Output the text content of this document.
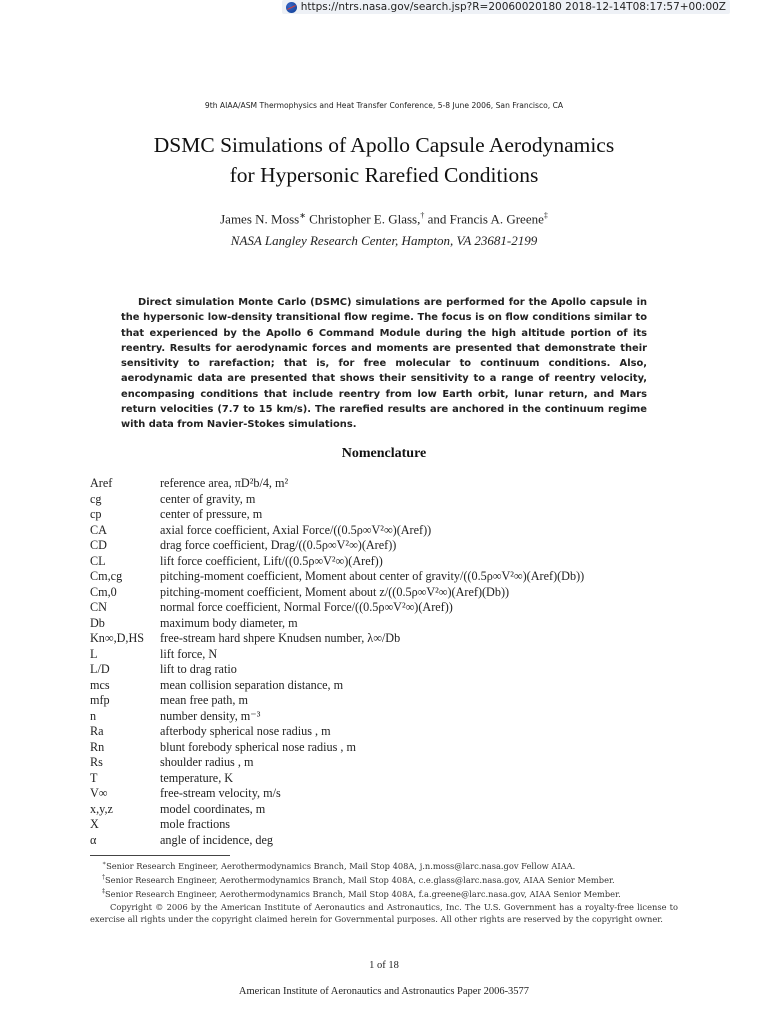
https://ntrs.nasa.gov/search.jsp?R=20060020180 2018-12-14T08:17:57+00:00Z
9th AIAA/ASM Thermophysics and Heat Transfer Conference, 5-8 June 2006, San Francisco, CA
DSMC Simulations of Apollo Capsule Aerodynamics
for Hypersonic Rarefied Conditions
James N. Moss∗ Christopher E. Glass,† and Francis A. Greene‡
NASA Langley Research Center, Hampton, VA 23681-2199
Direct simulation Monte Carlo (DSMC) simulations are performed for the Apollo capsule in the hypersonic low-density transitional flow regime. The focus is on flow conditions similar to that experienced by the Apollo 6 Command Module during the high altitude portion of its reentry. Results for aerodynamic forces and moments are presented that demonstrate their sensitivity to rarefaction; that is, for free molecular to continuum conditions. Also, aerodynamic data are presented that shows their sensitivity to a range of reentry velocity, encompasing conditions that include reentry from low Earth orbit, lunar return, and Mars return velocities (7.7 to 15 km/s). The rarefied results are anchored in the continuum regime with data from Navier-Stokes simulations.
Nomenclature
Aref	reference area, πD²b/4, m²
cg	center of gravity, m
cp	center of pressure, m
CA	axial force coefficient, Axial Force/((0.5ρ∞V²∞)(Aref))
CD	drag force coefficient, Drag/((0.5ρ∞V²∞)(Aref))
CL	lift force coefficient, Lift/((0.5ρ∞V²∞)(Aref))
Cm,cg	pitching-moment coefficient, Moment about center of gravity/((0.5ρ∞V²∞)(Aref)(Db))
Cm,0	pitching-moment coefficient, Moment about z/((0.5ρ∞V²∞)(Aref)(Db))
CN	normal force coefficient, Normal Force/((0.5ρ∞V²∞)(Aref))
Db	maximum body diameter, m
Kn∞,D,HS	free-stream hard shpere Knudsen number, λ∞/Db
L	lift force, N
L/D	lift to drag ratio
mcs	mean collision separation distance, m
mfp	mean free path, m
n	number density, m⁻³
Ra	afterbody spherical nose radius , m
Rn	blunt forebody spherical nose radius , m
Rs	shoulder radius , m
T	temperature, K
V∞	free-stream velocity, m/s
x,y,z	model coordinates, m
X	mole fractions
α	angle of incidence, deg
∗Senior Research Engineer, Aerothermodynamics Branch, Mail Stop 408A, j.n.moss@larc.nasa.gov Fellow AIAA.
†Senior Research Engineer, Aerothermodynamics Branch, Mail Stop 408A, c.e.glass@larc.nasa.gov, AIAA Senior Member.
‡Senior Research Engineer, Aerothermodynamics Branch, Mail Stop 408A, f.a.greene@larc.nasa.gov, AIAA Senior Member.
Copyright © 2006 by the American Institute of Aeronautics and Astronautics, Inc. The U.S. Government has a royalty-free license to exercise all rights under the copyright claimed herein for Governmental purposes. All other rights are reserved by the copyright owner.
1 of 18
American Institute of Aeronautics and Astronautics Paper 2006-3577
